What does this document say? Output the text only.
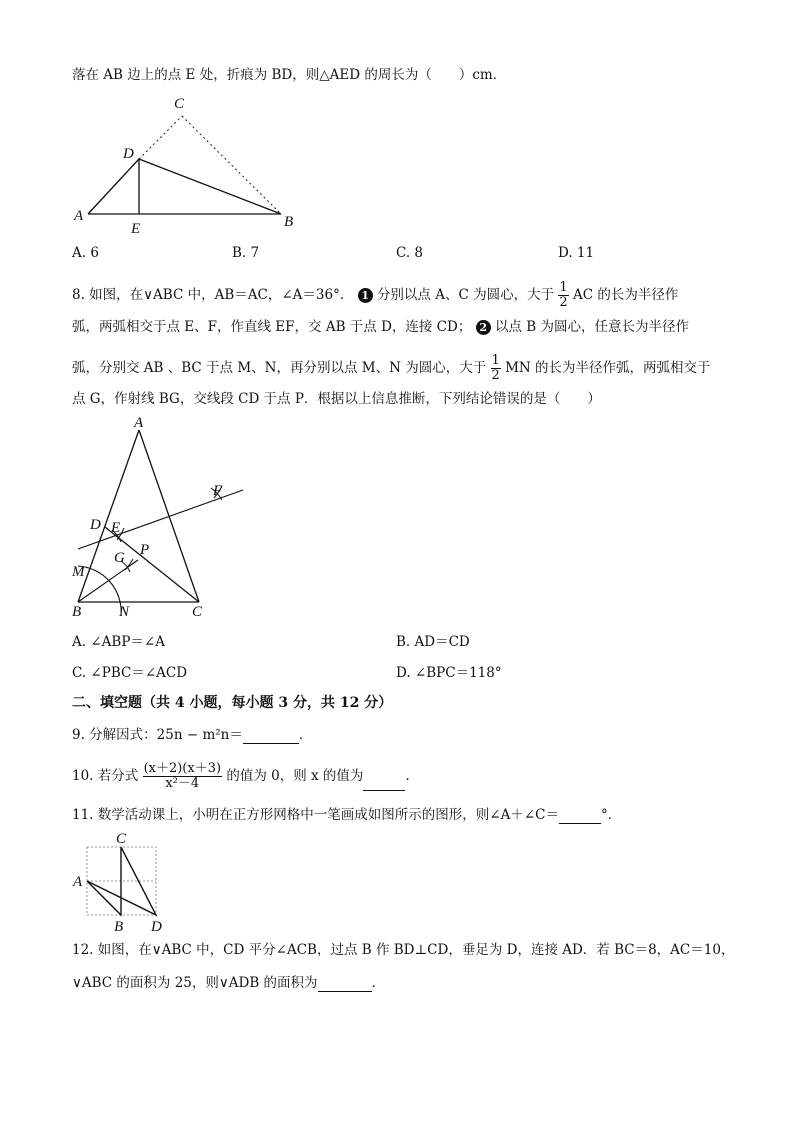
落在 AB 边上的点 E 处，折痕为 BD，则△AED 的周长为（　　）cm．
C
D
A
E	B
A. 6	B. 7	C. 8	D. 11
8. 如图，在∨ABC 中，AB＝AC，∠A＝36°． 1 分别以点 A、C 为圆心，大于 $\frac{1}{2}$ AC 的长为半径作
弧，两弧相交于点 E、F，作直线 EF，交 AB 于点 D，连接 CD； 2 以点 B 为圆心，任意长为半径作
弧，分别交 AB 、BC 于点 M、N，再分别以点 M、N 为圆心，大于 $\frac{1}{2}$ MN 的长为半径作弧，两弧相交于
点 G，作射线 BG，交线段 CD 于点 P．根据以上信息推断，下列结论错误的是（　　）
A
F
D E
G P
M
B	N	C
A. ∠ABP＝∠A	B. AD＝CD
C. ∠PBC＝∠ACD	D. ∠BPC＝118°
二、填空题（共 4 小题，每小题 3 分，共 12 分）
9. 分解因式：25n − m²n＝	．
10. 若分式 $\frac{(x+2)(x+3)}{\text{x²－4}}$ 的值为 0，则 x 的值为	．
11. 数学活动课上，小明在正方形网格中一笔画成如图所示的图形，则∠A＋∠C＝	°．
C
A
B D
12. 如图，在∨ABC 中，CD 平分∠ACB，过点 B 作 BD⊥CD，垂足为 D，连接 AD．若 BC＝8，AC＝10，
∨ABC 的面积为 25，则∨ADB 的面积为	．
